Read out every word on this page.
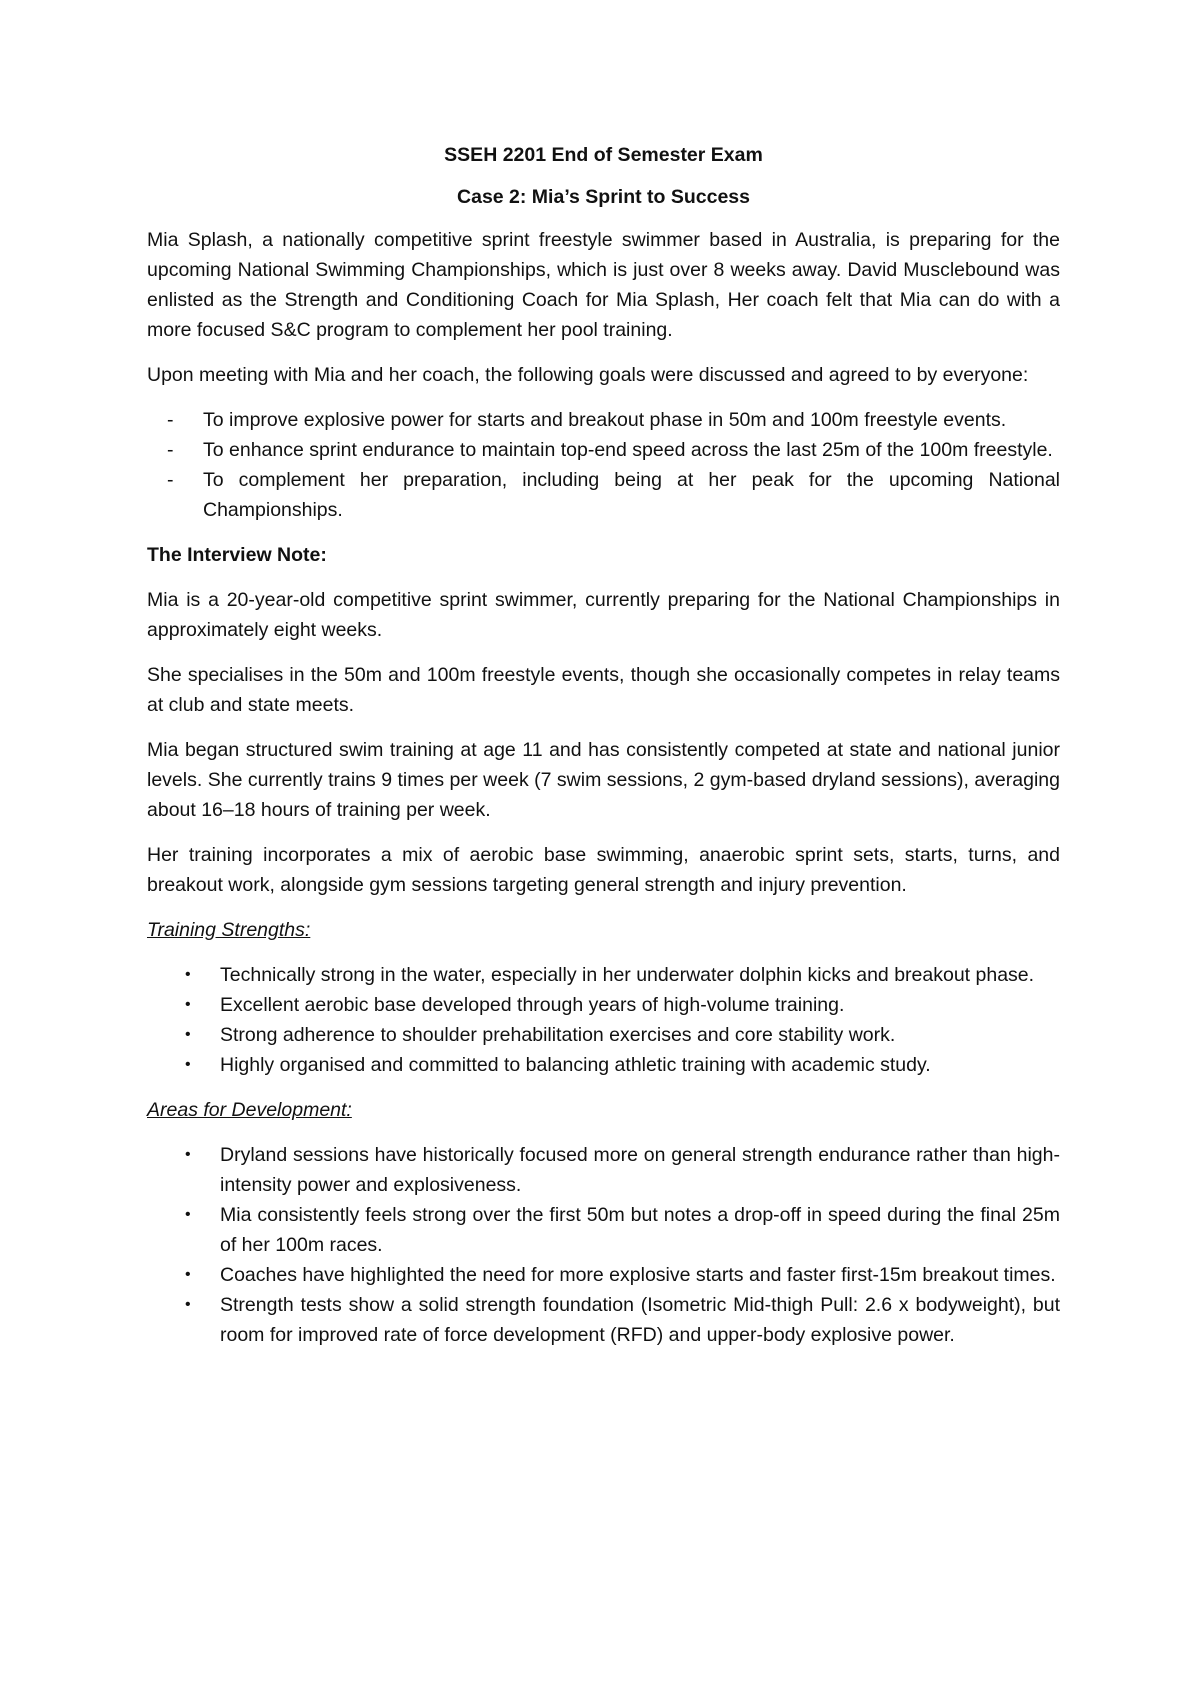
SSEH 2201 End of Semester Exam
Case 2: Mia’s Sprint to Success

Mia Splash, a nationally competitive sprint freestyle swimmer based in Australia, is preparing for the upcoming National Swimming Championships, which is just over 8 weeks away. David Musclebound was enlisted as the Strength and Conditioning Coach for Mia Splash, Her coach felt that Mia can do with a more focused S&C program to complement her pool training.

Upon meeting with Mia and her coach, the following goals were discussed and agreed to by everyone:

- To improve explosive power for starts and breakout phase in 50m and 100m freestyle events.
- To enhance sprint endurance to maintain top-end speed across the last 25m of the 100m freestyle.
- To complement her preparation, including being at her peak for the upcoming National Championships.
The Interview Note:

Mia is a 20-year-old competitive sprint swimmer, currently preparing for the National Championships in approximately eight weeks.

She specialises in the 50m and 100m freestyle events, though she occasionally competes in relay teams at club and state meets.

Mia began structured swim training at age 11 and has consistently competed at state and national junior levels. She currently trains 9 times per week (7 swim sessions, 2 gym-based dryland sessions), averaging about 16–18 hours of training per week.

Her training incorporates a mix of aerobic base swimming, anaerobic sprint sets, starts, turns, and breakout work, alongside gym sessions targeting general strength and injury prevention.

Training Strengths:
• Technically strong in the water, especially in her underwater dolphin kicks and breakout phase.
• Excellent aerobic base developed through years of high-volume training.
• Strong adherence to shoulder prehabilitation exercises and core stability work.
• Highly organised and committed to balancing athletic training with academic study.
Areas for Development:
• Dryland sessions have historically focused more on general strength endurance rather than high-intensity power and explosiveness.
• Mia consistently feels strong over the first 50m but notes a drop-off in speed during the final 25m of her 100m races.
• Coaches have highlighted the need for more explosive starts and faster first-15m breakout times.
• Strength tests show a solid strength foundation (Isometric Mid-thigh Pull: 2.6 x bodyweight), but room for improved rate of force development (RFD) and upper-body explosive power.
